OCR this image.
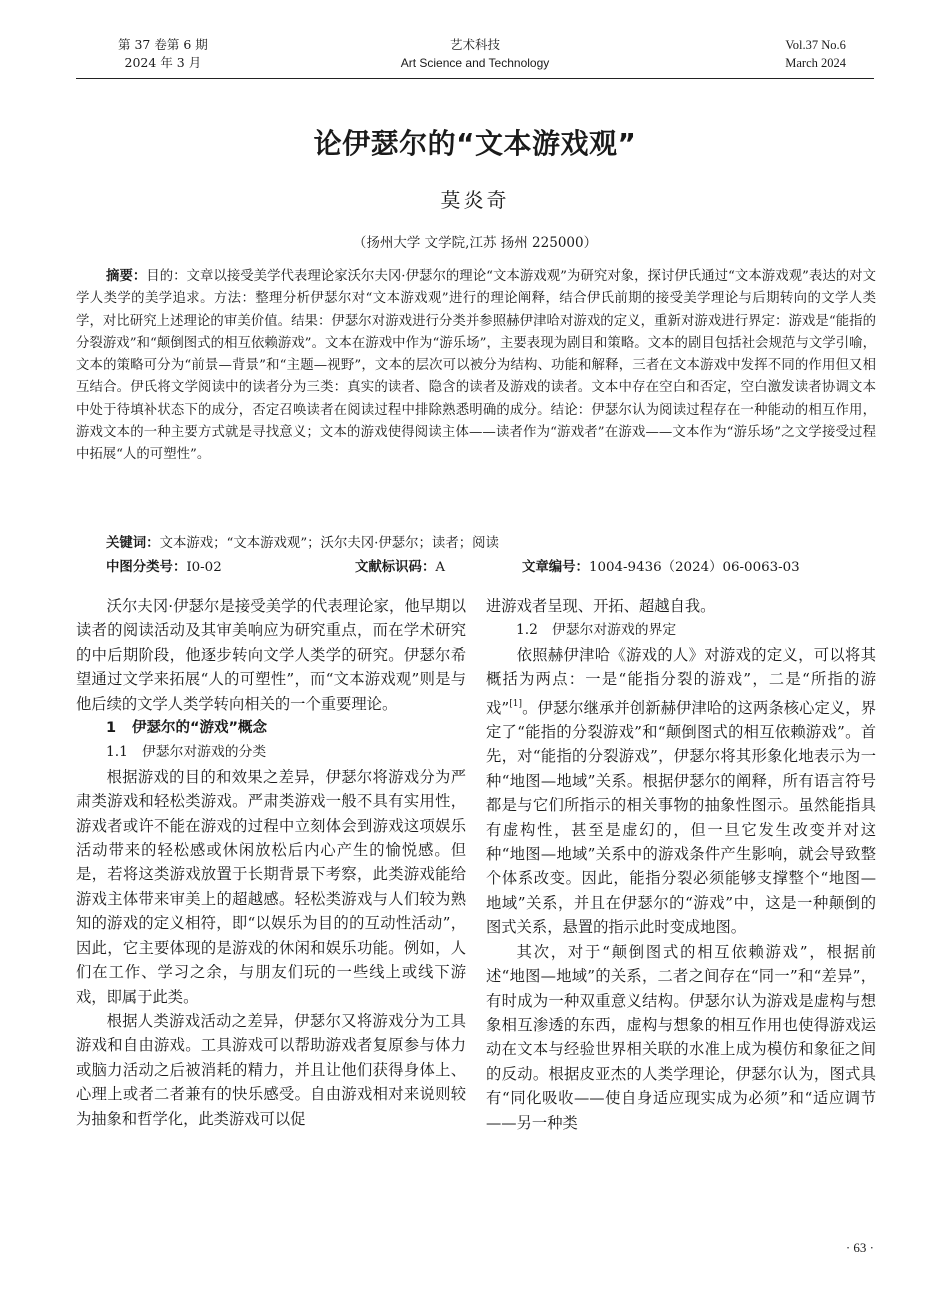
第 37 卷第 6 期
2024 年 3 月
艺术科技
Art Science and Technology
Vol.37 No.6
March 2024
论伊瑟尔的“文本游戏观”
莫炎奇
（扬州大学 文学院,江苏 扬州 225000）
摘要：目的：文章以接受美学代表理论家沃尔夫冈·伊瑟尔的理论“文本游戏观”为研究对象，探讨伊氏通过“文本游戏观”表达的对文学人类学的美学追求。方法：整理分析伊瑟尔对“文本游戏观”进行的理论阐释，结合伊氏前期的接受美学理论与后期转向的文学人类学，对比研究上述理论的审美价值。结果：伊瑟尔对游戏进行分类并参照赫伊津哈对游戏的定义，重新对游戏进行界定：游戏是“能指的分裂游戏”和“颠倒图式的相互依赖游戏”。文本在游戏中作为“游乐场”，主要表现为剧目和策略。文本的剧目包括社会规范与文学引喻，文本的策略可分为“前景—背景”和“主题—视野”，文本的层次可以被分为结构、功能和解释，三者在文本游戏中发挥不同的作用但又相互结合。伊氏将文学阅读中的读者分为三类：真实的读者、隐含的读者及游戏的读者。文本中存在空白和否定，空白激发读者协调文本中处于待填补状态下的成分，否定召唤读者在阅读过程中排除熟悉明确的成分。结论：伊瑟尔认为阅读过程存在一种能动的相互作用，游戏文本的一种主要方式就是寻找意义；文本的游戏使得阅读主体——读者作为“游戏者”在游戏——文本作为“游乐场”之文学接受过程中拓展“人的可塑性”。
关键词：文本游戏；“文本游戏观”；沃尔夫冈·伊瑟尔；读者；阅读
中图分类号：I0-02	文献标识码：A	文章编号：1004-9436（2024）06-0063-03

沃尔夫冈·伊瑟尔是接受美学的代表理论家，他早期以读者的阅读活动及其审美响应为研究重点，而在学术研究的中后期阶段，他逐步转向文学人类学的研究。伊瑟尔希望通过文学来拓展“人的可塑性”，而“文本游戏观”则是与他后续的文学人类学转向相关的一个重要理论。

1 伊瑟尔的“游戏”概念
1.1 伊瑟尔对游戏的分类

根据游戏的目的和效果之差异，伊瑟尔将游戏分为严肃类游戏和轻松类游戏。严肃类游戏一般不具有实用性，游戏者或许不能在游戏的过程中立刻体会到游戏这项娱乐活动带来的轻松感或休闲放松后内心产生的愉悦感。但是，若将这类游戏放置于长期背景下考察，此类游戏能给游戏主体带来审美上的超越感。轻松类游戏与人们较为熟知的游戏的定义相符，即“以娱乐为目的的互动性活动”，因此，它主要体现的是游戏的休闲和娱乐功能。例如，人们在工作、学习之余，与朋友们玩的一些线上或线下游戏，即属于此类。

根据人类游戏活动之差异，伊瑟尔又将游戏分为工具游戏和自由游戏。工具游戏可以帮助游戏者复原参与体力或脑力活动之后被消耗的精力，并且让他们获得身体上、心理上或者二者兼有的快乐感受。自由游戏相对来说则较为抽象和哲学化，此类游戏可以促

进游戏者呈现、开拓、超越自我。

1.2 伊瑟尔对游戏的界定

依照赫伊津哈《游戏的人》对游戏的定义，可以将其概括为两点：一是“能指分裂的游戏”，二是“所指的游戏”[1]。伊瑟尔继承并创新赫伊津哈的这两条核心定义，界定了“能指的分裂游戏”和“颠倒图式的相互依赖游戏”。首先，对“能指的分裂游戏”，伊瑟尔将其形象化地表示为一种“地图—地域”关系。根据伊瑟尔的阐释，所有语言符号都是与它们所指示的相关事物的抽象性图示。虽然能指具有虚构性，甚至是虚幻的，但一旦它发生改变并对这种“地图—地域”关系中的游戏条件产生影响，就会导致整个体系改变。因此，能指分裂必须能够支撑整个“地图—地域”关系，并且在伊瑟尔的“游戏”中，这是一种颠倒的图式关系，悬置的指示此时变成地图。

其次，对于“颠倒图式的相互依赖游戏”，根据前述“地图—地域”的关系，二者之间存在“同一”和“差异”，有时成为一种双重意义结构。伊瑟尔认为游戏是虚构与想象相互渗透的东西，虚构与想象的相互作用也使得游戏运动在文本与经验世界相关联的水准上成为模仿和象征之间的反动。根据皮亚杰的人类学理论，伊瑟尔认为，图式具有“同化吸收——使自身适应现实成为必须”和“适应调节——另一种类

· 63 ·
